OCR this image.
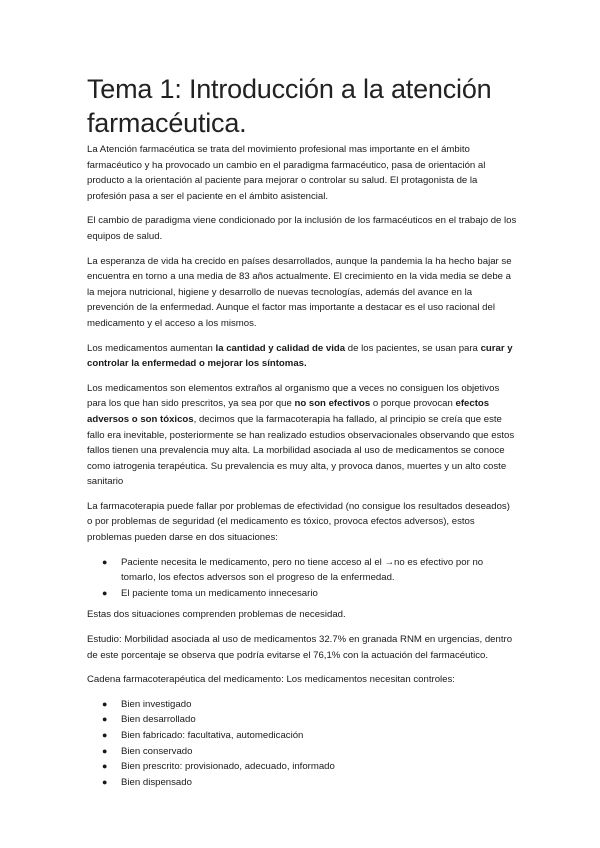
Tema 1: Introducción a la atención farmacéutica.

La Atención farmacéutica se trata del movimiento profesional mas importante en el ámbito farmacéutico y ha provocado un cambio en el paradigma farmacéutico, pasa de orientación al producto a la orientación al paciente para mejorar o controlar su salud. El protagonista de la profesión pasa a ser el paciente en el ámbito asistencial.

El cambio de paradigma viene condicionado por la inclusión de los farmacéuticos en el trabajo de los equipos de salud.

La esperanza de vida ha crecido en países desarrollados, aunque la pandemia la ha hecho bajar se encuentra en torno a una media de 83 años actualmente. El crecimiento en la vida media se debe a la mejora nutricional, higiene y desarrollo de nuevas tecnologías, además del avance en la prevención de la enfermedad. Aunque el factor mas importante a destacar es el uso racional del medicamento y el acceso a los mismos.

Los medicamentos aumentan la cantidad y calidad de vida de los pacientes, se usan para curar y controlar la enfermedad o mejorar los síntomas.

Los medicamentos son elementos extraños al organismo que a veces no consiguen los objetivos para los que han sido prescritos, ya sea por que no son efectivos o porque provocan efectos adversos o son tóxicos, decimos que la farmacoterapia ha fallado, al principio se creía que este fallo era inevitable, posteriormente se han realizado estudios observacionales observando que estos fallos tienen una prevalencia muy alta. La morbilidad asociada al uso de medicamentos se conoce como iatrogenia terapéutica. Su prevalencia es muy alta, y provoca danos, muertes y un alto coste sanitario

La farmacoterapia puede fallar por problemas de efectividad (no consigue los resultados deseados) o por problemas de seguridad (el medicamento es tóxico, provoca efectos adversos), estos problemas pueden darse en dos situaciones:

● Paciente necesita le medicamento, pero no tiene acceso al el →no es efectivo por no tomarlo, los efectos adversos son el progreso de la enfermedad.
● El paciente toma un medicamento innecesario

Estas dos situaciones comprenden problemas de necesidad.

Estudio: Morbilidad asociada al uso de medicamentos 32.7% en granada RNM en urgencias, dentro de este porcentaje se observa que podría evitarse el 76,1% con la actuación del farmacéutico.

Cadena farmacoterapéutica del medicamento: Los medicamentos necesitan controles:

● Bien investigado
● Bien desarrollado
● Bien fabricado: facultativa, automedicación
● Bien conservado
● Bien prescrito: provisionado, adecuado, informado
● Bien dispensado
